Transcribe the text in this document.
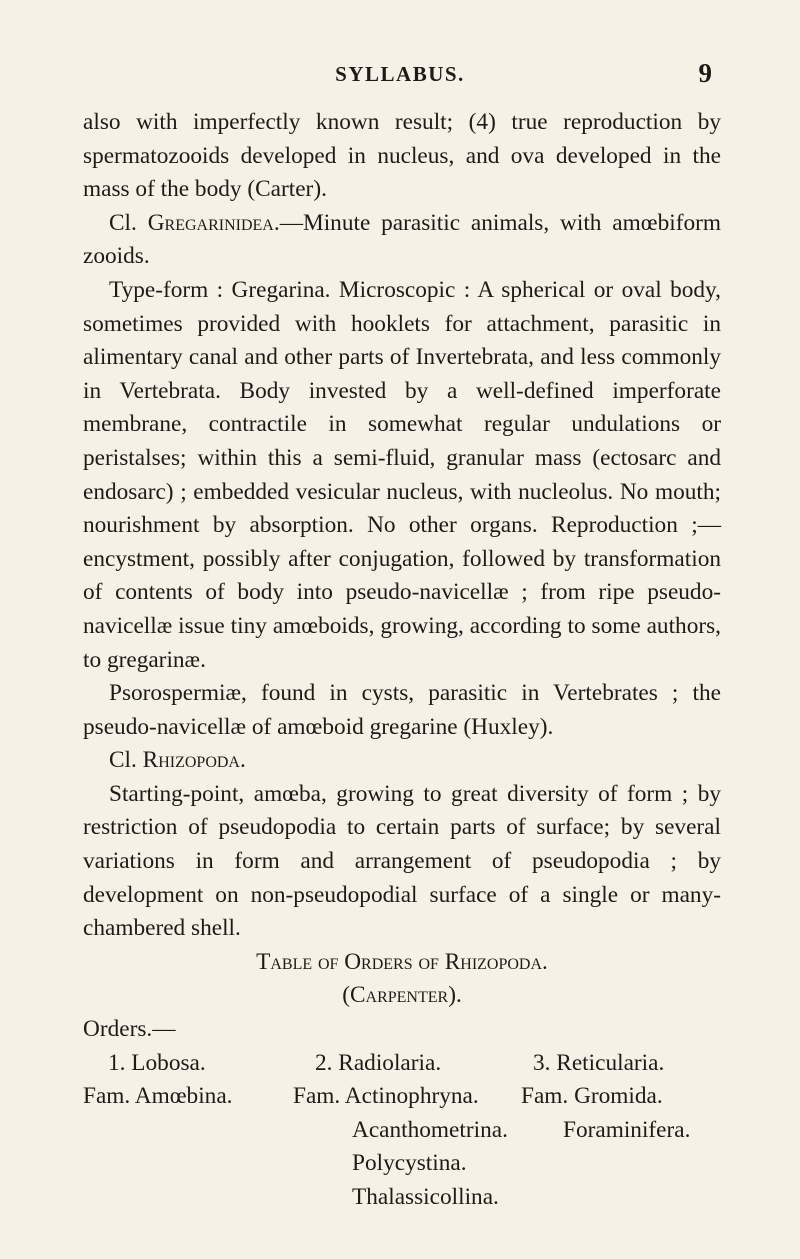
SYLLABUS.	9

also with imperfectly known result; (4) true reproduction by spermatozooids developed in nucleus, and ova developed in the mass of the body (Carter).

Cl. Gregarinidea.—Minute parasitic animals, with amœbiform zooids.

Type-form : Gregarina. Microscopic : A spherical or oval body, sometimes provided with hooklets for attachment, parasitic in alimentary canal and other parts of Invertebrata, and less commonly in Vertebrata. Body invested by a well-defined imperforate membrane, contractile in somewhat regular undulations or peristalses; within this a semi-fluid, granular mass (ectosarc and endosarc) ; embedded vesicular nucleus, with nucleolus. No mouth; nourishment by absorption. No other organs. Reproduction ;—encystment, possibly after conjugation, followed by transformation of contents of body into pseudo-navicellæ ; from ripe pseudo-navicellæ issue tiny amœboids, growing, according to some authors, to gregarinæ.

Psorospermiæ, found in cysts, parasitic in Vertebrates ; the pseudo-navicellæ of amœboid gregarine (Huxley).

Cl. Rhizopoda.

Starting-point, amœba, growing to great diversity of form ; by restriction of pseudopodia to certain parts of surface; by several variations in form and arrangement of pseudopodia ; by development on non-pseudopodial surface of a single or many-chambered shell.

Table of Orders of Rhizopoda.

(Carpenter).

Orders.—

1. Lobosa.
Fam. Amœbina.
2. Radiolaria.
Fam. Actinophryna.
Acanthometrina.
Polycystina.
Thalassicollina.
3. Reticularia.
Fam. Gromida.
Foraminifera.
